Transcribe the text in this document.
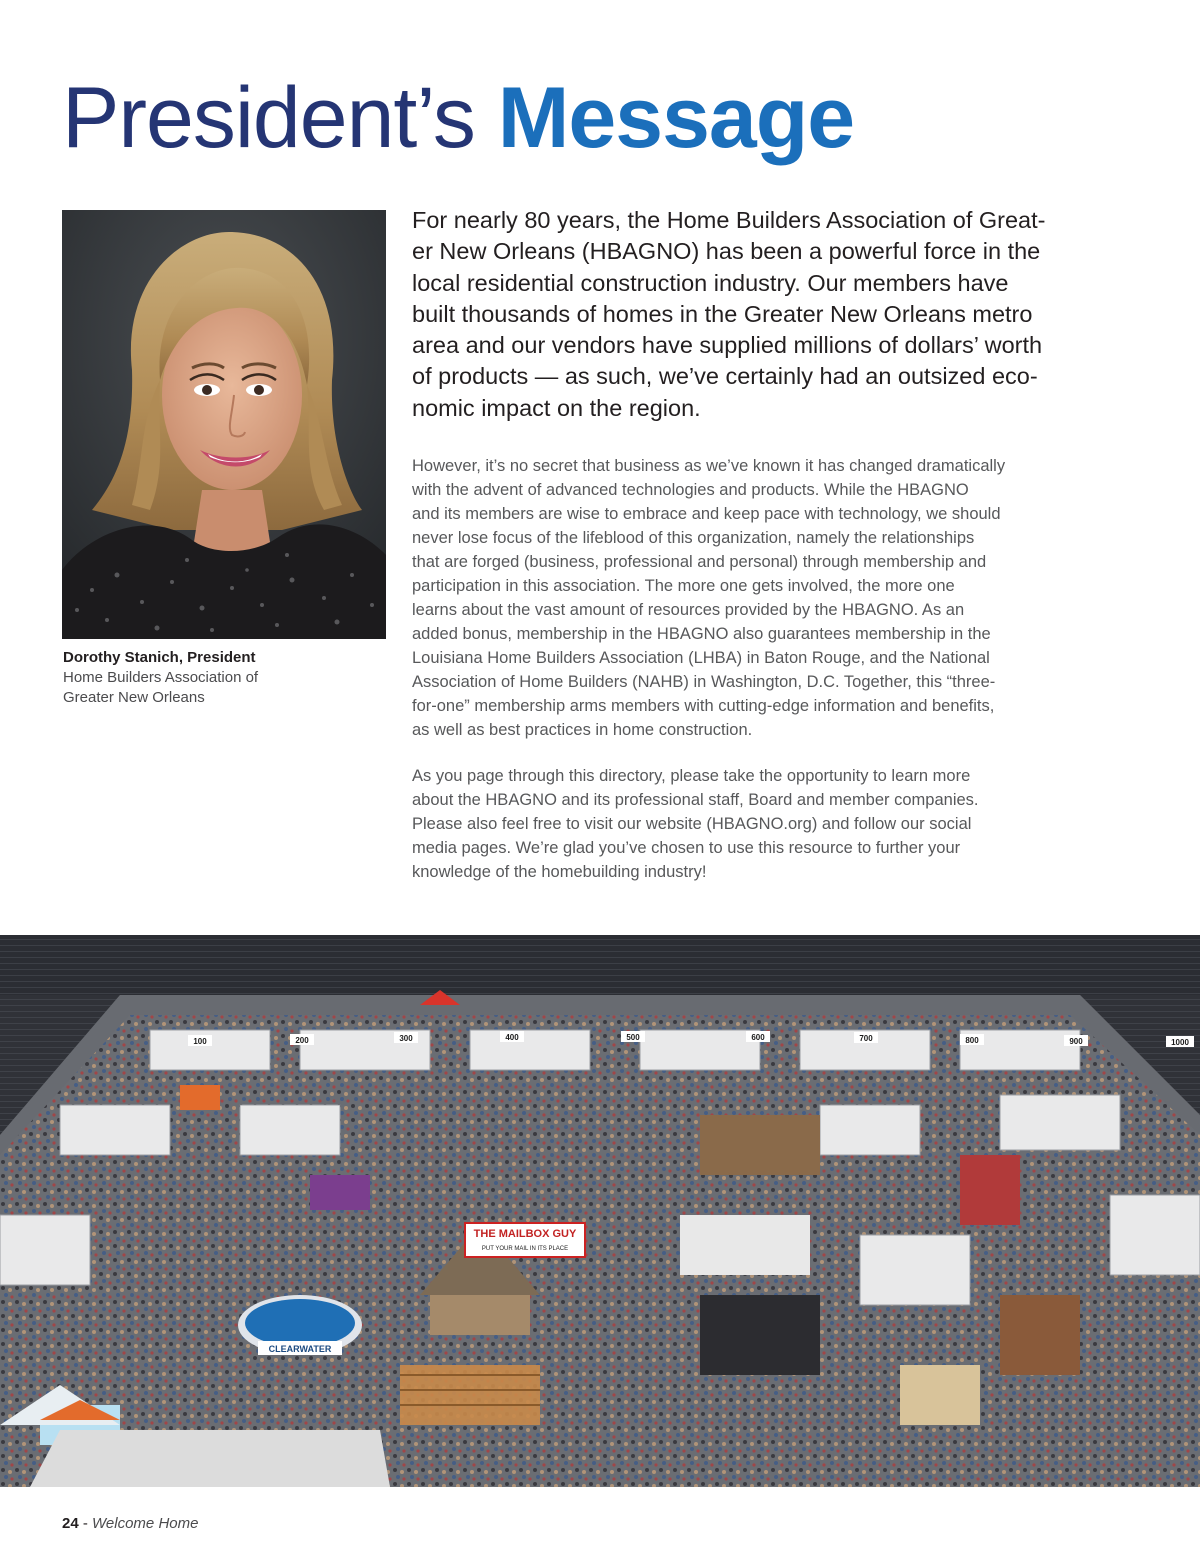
President’s Message
Dorothy Stanich, President
Home Builders Association of
Greater New Orleans

For nearly 80 years, the Home Builders Association of Great-
er New Orleans (HBAGNO) has been a powerful force in the
local residential construction industry. Our members have
built thousands of homes in the Greater New Orleans metro
area and our vendors have supplied millions of dollars’ worth
of products — as such, we’ve certainly had an outsized eco-
nomic impact on the region.

However, it’s no secret that business as we’ve known it has changed dramatically
with the advent of advanced technologies and products. While the HBAGNO
and its members are wise to embrace and keep pace with technology, we should
never lose focus of the lifeblood of this organization, namely the relationships
that are forged (business, professional and personal) through membership and
participation in this association. The more one gets involved, the more one
learns about the vast amount of resources provided by the HBAGNO. As an
added bonus, membership in the HBAGNO also guarantees membership in the
Louisiana Home Builders Association (LHBA) in Baton Rouge, and the National
Association of Home Builders (NAHB) in Washington, D.C. Together, this “three-
for-one” membership arms members with cutting-edge information and benefits,
as well as best practices in home construction.

As you page through this directory, please take the opportunity to learn more
about the HBAGNO and its professional staff, Board and member companies.
Please also feel free to visit our website (HBAGNO.org) and follow our social
media pages. We’re glad you’ve chosen to use this resource to further your
knowledge of the homebuilding industry!

CLEARWATER
THE MAILBOX GUY
PUT YOUR MAIL IN ITS PLACE
100	200	300	400	500	600	700	800	900	1000
24 - Welcome Home
